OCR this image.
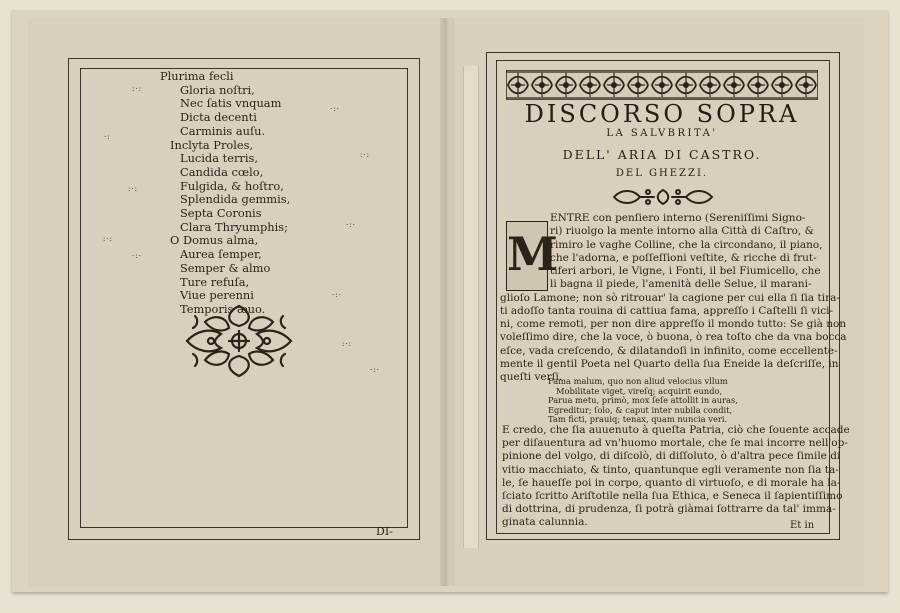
Plurima fecli
Gloria noſtri,
Nec ſatis vnquam
Dicta decenti
Carminis auſu.
Inclyta Proles,
Lucida terris,
Candida cœlo,
Fulgida, & hoſtro,
Splendida gemmis,
Septa Coronis
Clara Thryumphis;
O Domus alma,
Aurea ſemper,
Semper & almo
Ture refuſa,
Viue perenni
Temporis æuo.
:·:
·:·
·:
:·:
:·:
·:·
:·:
·:·
·:·
:·:
·:·
DI-
DISCORSO SOPRA
LA SALVBRITA'
DELL' ARIA DI CASTRO.
DEL GHEZZI.
M
ENTRE con penſiero interno (Sereniſſimi Signo-
ri) riuolgo la mente intorno alla Città di Caſtro, &
rimiro le vaghe Colline, che la circondano, il piano,
che l'adorna, e poſſeſſioni veſtite, & ricche di frut-
tiferi arbori, le Vigne, i Fonti, il bel Fiumicello, che
li bagna il piede, l'amenità delle Selue, il marani-
glioſo Lamone; non sò ritrouar' la cagione per cui ella ſi ſia tira-
ti adoſſo tanta rouina di cattiua fama, appreſſo i Caſtelli ſi vici-
ni, come remoti, per non dire appreſſo il mondo tutto: Se già non
voleſſimo dire, che la voce, ò buona, ò rea toſto che da vna bocca
eſce, vada creſcendo, & dilatandoſi in infinito, come eccellente-
mente il gentil Poeta nel Quarto della ſua Eneide la deſcriſſe, in
queſti verſi.
Fama malum, quo non aliud velocius vllum
Mobilitate viget, vireſq; acquirit eundo,
Parua metu, primò, mox ſeſe attollit in auras,
Egreditur; ſolo, & caput inter nubila condit,
Tam ficti, prauiq; tenax, quam nuncia veri.
E credo, che ſia auuenuto à queſta Patria, ciò che ſouente accade
per diſauentura ad vn'huomo mortale, che ſe mai incorre nell'op-
pinione del volgo, di diſcolò, di diſſoluto, ò d'altra pece ſimile di
vitio macchiato, & tinto, quantunque egli veramente non ſia ta-
le, ſe haueſſe poi in corpo, quanto di virtuoſo, e di morale ha la-
ſciato ſcritto Ariſtotile nella ſua Ethica, e Seneca il ſapientiſſimo
di dottrina, di prudenza, ſi potrà giàmai ſottrarre da tal' imma-
ginata calunnia.	Et in
